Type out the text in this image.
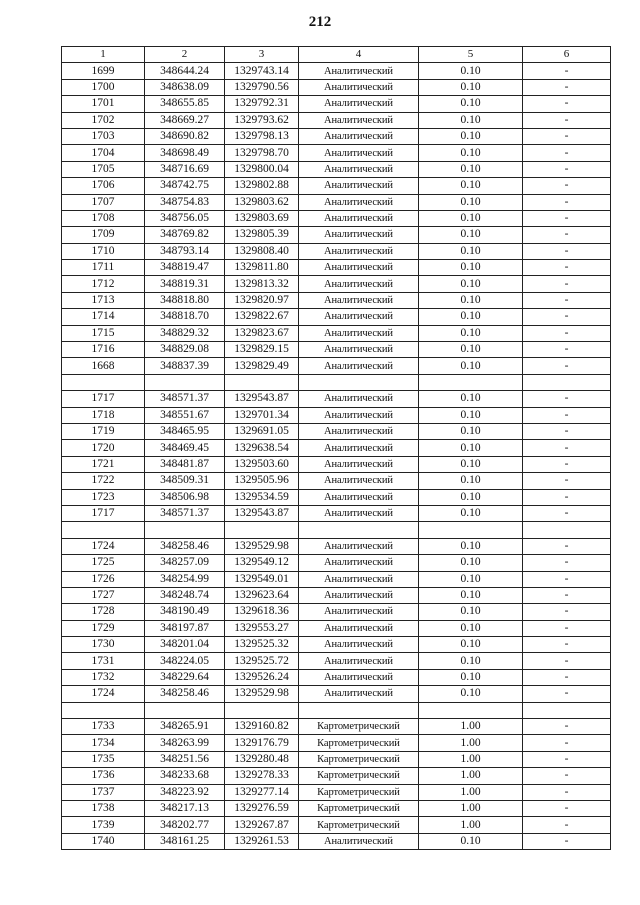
212
1	2	3	4	5	6
1699	348644.24	1329743.14	Аналитический	0.10	-
1700	348638.09	1329790.56	Аналитический	0.10	-
1701	348655.85	1329792.31	Аналитический	0.10	-
1702	348669.27	1329793.62	Аналитический	0.10	-
1703	348690.82	1329798.13	Аналитический	0.10	-
1704	348698.49	1329798.70	Аналитический	0.10	-
1705	348716.69	1329800.04	Аналитический	0.10	-
1706	348742.75	1329802.88	Аналитический	0.10	-
1707	348754.83	1329803.62	Аналитический	0.10	-
1708	348756.05	1329803.69	Аналитический	0.10	-
1709	348769.82	1329805.39	Аналитический	0.10	-
1710	348793.14	1329808.40	Аналитический	0.10	-
1711	348819.47	1329811.80	Аналитический	0.10	-
1712	348819.31	1329813.32	Аналитический	0.10	-
1713	348818.80	1329820.97	Аналитический	0.10	-
1714	348818.70	1329822.67	Аналитический	0.10	-
1715	348829.32	1329823.67	Аналитический	0.10	-
1716	348829.08	1329829.15	Аналитический	0.10	-
1668	348837.39	1329829.49	Аналитический	0.10	-

1717	348571.37	1329543.87	Аналитический	0.10	-
1718	348551.67	1329701.34	Аналитический	0.10	-
1719	348465.95	1329691.05	Аналитический	0.10	-
1720	348469.45	1329638.54	Аналитический	0.10	-
1721	348481.87	1329503.60	Аналитический	0.10	-
1722	348509.31	1329505.96	Аналитический	0.10	-
1723	348506.98	1329534.59	Аналитический	0.10	-
1717	348571.37	1329543.87	Аналитический	0.10	-

1724	348258.46	1329529.98	Аналитический	0.10	-
1725	348257.09	1329549.12	Аналитический	0.10	-
1726	348254.99	1329549.01	Аналитический	0.10	-
1727	348248.74	1329623.64	Аналитический	0.10	-
1728	348190.49	1329618.36	Аналитический	0.10	-
1729	348197.87	1329553.27	Аналитический	0.10	-
1730	348201.04	1329525.32	Аналитический	0.10	-
1731	348224.05	1329525.72	Аналитический	0.10	-
1732	348229.64	1329526.24	Аналитический	0.10	-
1724	348258.46	1329529.98	Аналитический	0.10	-

1733	348265.91	1329160.82	Картометрический	1.00	-
1734	348263.99	1329176.79	Картометрический	1.00	-
1735	348251.56	1329280.48	Картометрический	1.00	-
1736	348233.68	1329278.33	Картометрический	1.00	-
1737	348223.92	1329277.14	Картометрический	1.00	-
1738	348217.13	1329276.59	Картометрический	1.00	-
1739	348202.77	1329267.87	Картометрический	1.00	-
1740	348161.25	1329261.53	Аналитический	0.10	-
